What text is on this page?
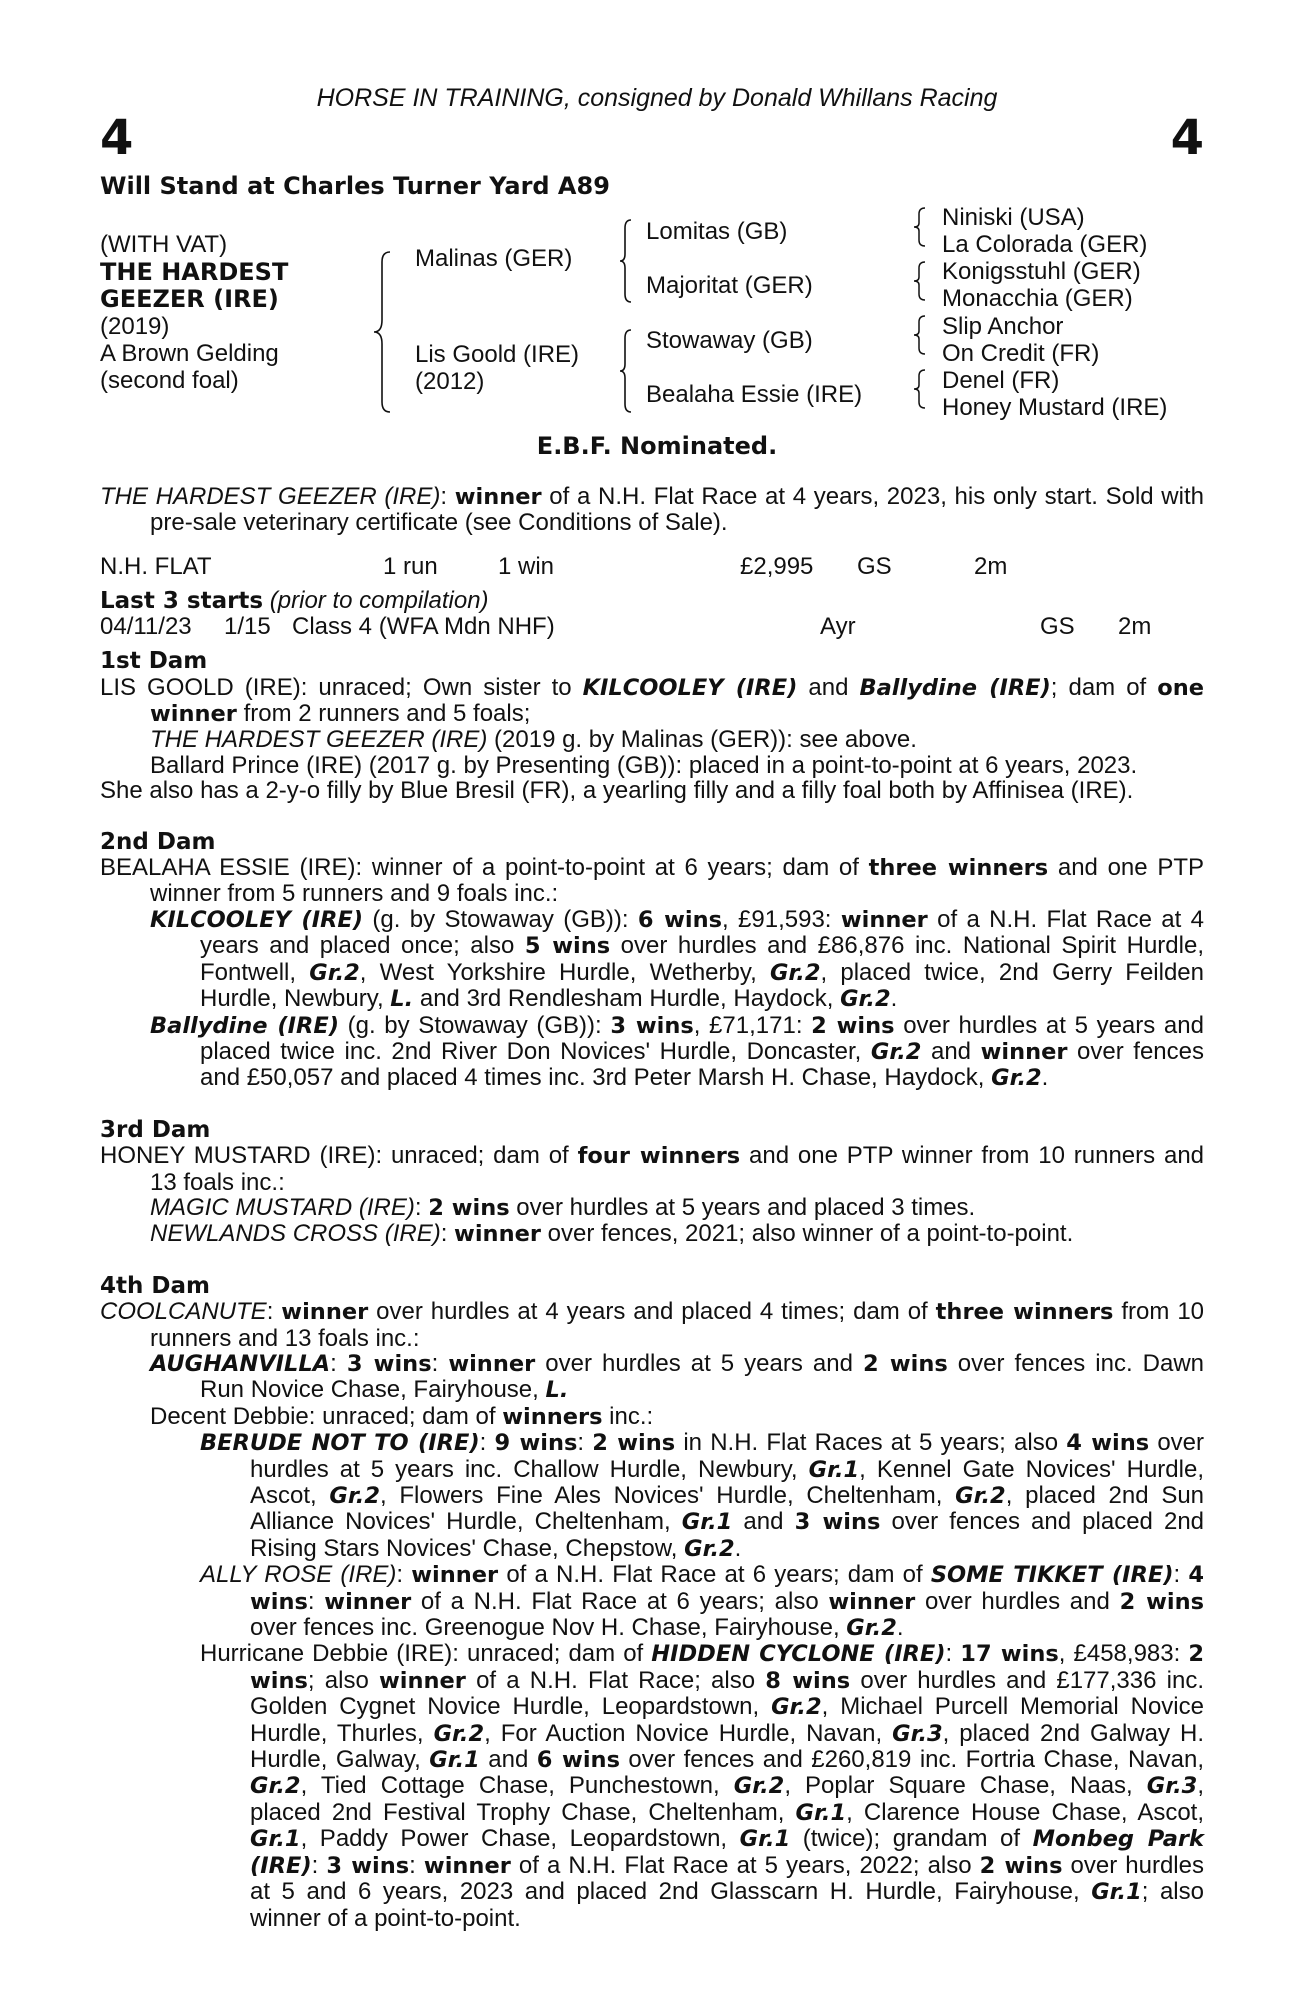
HORSE IN TRAINING, consigned by Donald Whillans Racing
4	4
Will Stand at Charles Turner Yard A89
(WITH VAT)
THE HARDEST
GEEZER (IRE)
(2019)
A Brown Gelding
(second foal)
Malinas (GER)
Lis Goold (IRE)
(2012)
Lomitas (GB)
Majoritat (GER)
Stowaway (GB)
Bealaha Essie (IRE)
Niniski (USA)
La Colorada (GER)
Konigsstuhl (GER)
Monacchia (GER)
Slip Anchor
On Credit (FR)
Denel (FR)
Honey Mustard (IRE)
E.B.F. Nominated.

THE HARDEST GEEZER (IRE): winner of a N.H. Flat Race at 4 years, 2023, his only start. Sold with pre-sale veterinary certificate (see Conditions of Sale).

N.H. FLAT	1 run	1 win	£2,995 GS	2m

Last 3 starts (prior to compilation)

04/11/23 1/15 Class 4 (WFA Mdn NHF)	Ayr	GS 2m

1st Dam

LIS GOOLD (IRE): unraced; Own sister to KILCOOLEY (IRE) and Ballydine (IRE); dam of one winner from 2 runners and 5 foals;

THE HARDEST GEEZER (IRE) (2019 g. by Malinas (GER)): see above.

Ballard Prince (IRE) (2017 g. by Presenting (GB)): placed in a point-to-point at 6 years, 2023.

She also has a 2-y-o filly by Blue Bresil (FR), a yearling filly and a filly foal both by Affinisea (IRE).

2nd Dam

BEALAHA ESSIE (IRE): winner of a point-to-point at 6 years; dam of three winners and one PTP winner from 5 runners and 9 foals inc.:

KILCOOLEY (IRE) (g. by Stowaway (GB)): 6 wins, £91,593: winner of a N.H. Flat Race at 4 years and placed once; also 5 wins over hurdles and £86,876 inc. National Spirit Hurdle, Fontwell, Gr.2, West Yorkshire Hurdle, Wetherby, Gr.2, placed twice, 2nd Gerry Feilden Hurdle, Newbury, L. and 3rd Rendlesham Hurdle, Haydock, Gr.2.

Ballydine (IRE) (g. by Stowaway (GB)): 3 wins, £71,171: 2 wins over hurdles at 5 years and placed twice inc. 2nd River Don Novices' Hurdle, Doncaster, Gr.2 and winner over fences and £50,057 and placed 4 times inc. 3rd Peter Marsh H. Chase, Haydock, Gr.2.

3rd Dam

HONEY MUSTARD (IRE): unraced; dam of four winners and one PTP winner from 10 runners and 13 foals inc.:

MAGIC MUSTARD (IRE): 2 wins over hurdles at 5 years and placed 3 times.

NEWLANDS CROSS (IRE): winner over fences, 2021; also winner of a point-to-point.

4th Dam

COOLCANUTE: winner over hurdles at 4 years and placed 4 times; dam of three winners from 10 runners and 13 foals inc.:

AUGHANVILLA: 3 wins: winner over hurdles at 5 years and 2 wins over fences inc. Dawn Run Novice Chase, Fairyhouse, L.

Decent Debbie: unraced; dam of winners inc.:

BERUDE NOT TO (IRE): 9 wins: 2 wins in N.H. Flat Races at 5 years; also 4 wins over hurdles at 5 years inc. Challow Hurdle, Newbury, Gr.1, Kennel Gate Novices' Hurdle, Ascot, Gr.2, Flowers Fine Ales Novices' Hurdle, Cheltenham, Gr.2, placed 2nd Sun Alliance Novices' Hurdle, Cheltenham, Gr.1 and 3 wins over fences and placed 2nd Rising Stars Novices' Chase, Chepstow, Gr.2.

ALLY ROSE (IRE): winner of a N.H. Flat Race at 6 years; dam of SOME TIKKET (IRE): 4 wins: winner of a N.H. Flat Race at 6 years; also winner over hurdles and 2 wins over fences inc. Greenogue Nov H. Chase, Fairyhouse, Gr.2.

Hurricane Debbie (IRE): unraced; dam of HIDDEN CYCLONE (IRE): 17 wins, £458,983: 2 wins; also winner of a N.H. Flat Race; also 8 wins over hurdles and £177,336 inc. Golden Cygnet Novice Hurdle, Leopardstown, Gr.2, Michael Purcell Memorial Novice Hurdle, Thurles, Gr.2, For Auction Novice Hurdle, Navan, Gr.3, placed 2nd Galway H. Hurdle, Galway, Gr.1 and 6 wins over fences and £260,819 inc. Fortria Chase, Navan, Gr.2, Tied Cottage Chase, Punchestown, Gr.2, Poplar Square Chase, Naas, Gr.3, placed 2nd Festival Trophy Chase, Cheltenham, Gr.1, Clarence House Chase, Ascot, Gr.1, Paddy Power Chase, Leopardstown, Gr.1 (twice); grandam of Monbeg Park (IRE): 3 wins: winner of a N.H. Flat Race at 5 years, 2022; also 2 wins over hurdles at 5 and 6 years, 2023 and placed 2nd Glasscarn H. Hurdle, Fairyhouse, Gr.1; also winner of a point-to-point.
